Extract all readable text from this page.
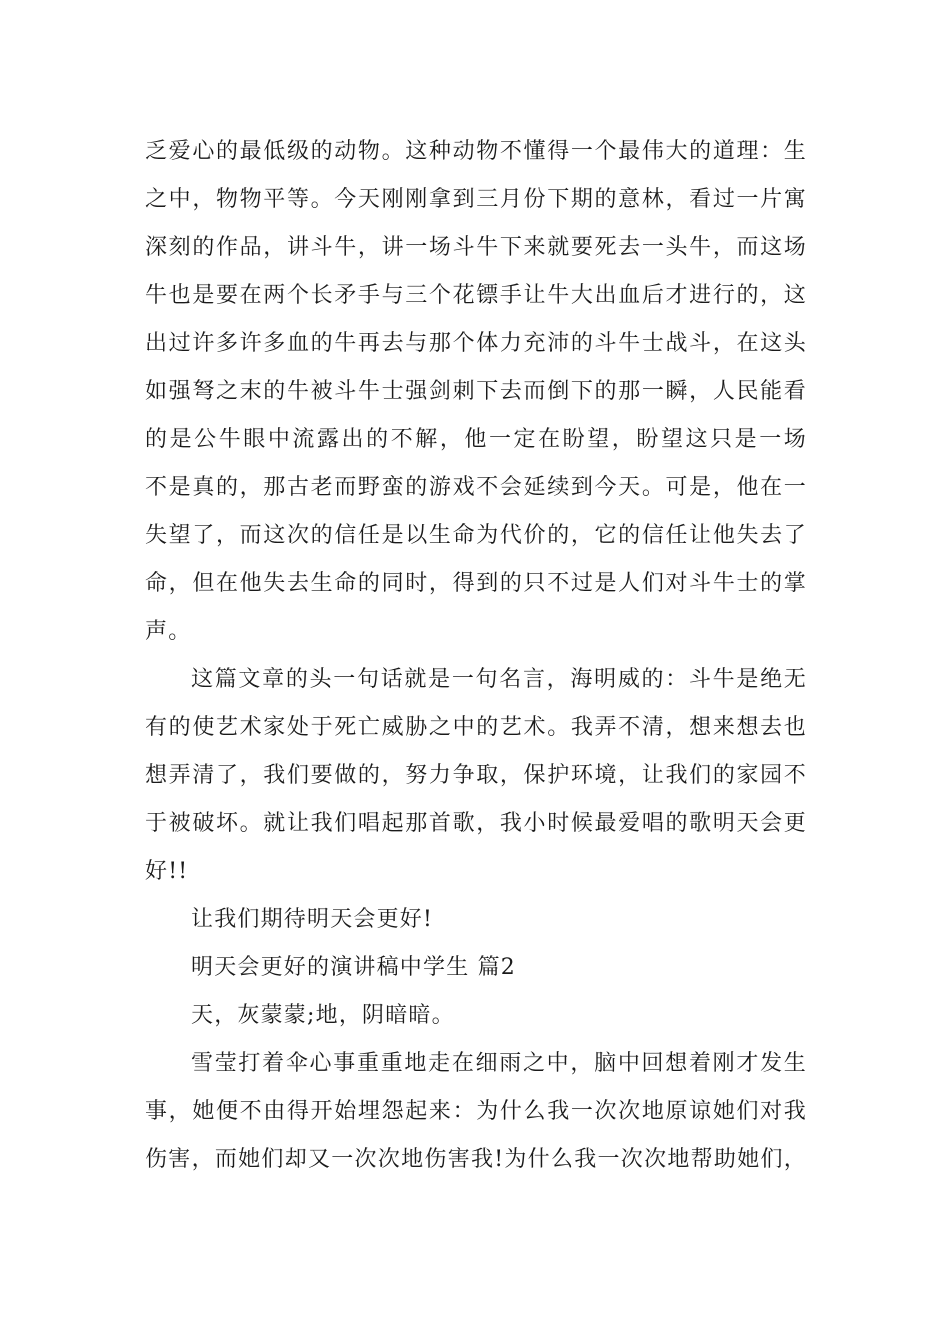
乏爱心的最低级的动物。这种动物不懂得一个最伟大的道理：生
之中，物物平等。今天刚刚拿到三月份下期的意林，看过一片寓
深刻的作品，讲斗牛，讲一场斗牛下来就要死去一头牛，而这场
牛也是要在两个长矛手与三个花镖手让牛大出血后才进行的，这
出过许多许多血的牛再去与那个体力充沛的斗牛士战斗，在这头
如强弩之末的牛被斗牛士强剑刺下去而倒下的那一瞬，人民能看
的是公牛眼中流露出的不解，他一定在盼望，盼望这只是一场
不是真的，那古老而野蛮的游戏不会延续到今天。可是，他在一
失望了，而这次的信任是以生命为代价的，它的信任让他失去了
命，但在他失去生命的同时，得到的只不过是人们对斗牛士的掌
声。
这篇文章的头一句话就是一句名言，海明威的：斗牛是绝无
有的使艺术家处于死亡威胁之中的艺术。我弄不清，想来想去也
想弄清了，我们要做的，努力争取，保护环境，让我们的家园不
于被破坏。就让我们唱起那首歌，我小时候最爱唱的歌明天会更
好!!
让我们期待明天会更好!
明天会更好的演讲稿中学生 篇2
天，灰蒙蒙;地，阴暗暗。
雪莹打着伞心事重重地走在细雨之中，脑中回想着刚才发生
事，她便不由得开始埋怨起来：为什么我一次次地原谅她们对我
伤害，而她们却又一次次地伤害我!为什么我一次次地帮助她们，
